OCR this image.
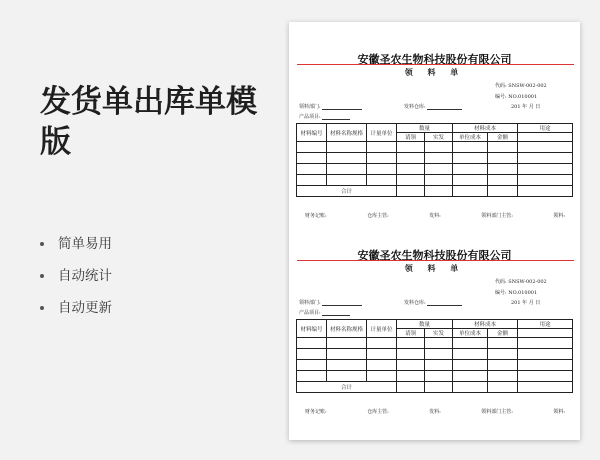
发货单出库单模版
简单易用
自动统计
自动更新
安徽圣农生物科技股份有限公司
领 料 单
代码: SNSW-002-002
编号: NO.010001
领料部门:	发料仓库:	201 年 月 日
产品项目:
材料编号	材料名称规格	计量单位	数量		材料成本		用途
			请领	实发	单位成本	金额	

合计							
财务记账:	仓库主管:	发料:	领料部门主管:	领料:
安徽圣农生物科技股份有限公司
领 料 单
代码: SNSW-002-002
编号: NO.010001
领料部门:	发料仓库:	201 年 月 日
产品项目:
材料编号	材料名称规格	计量单位	数量		材料成本		用途
			请领	实发	单位成本	金额	

合计							
财务记账:	仓库主管:	发料:	领料部门主管:	领料:
